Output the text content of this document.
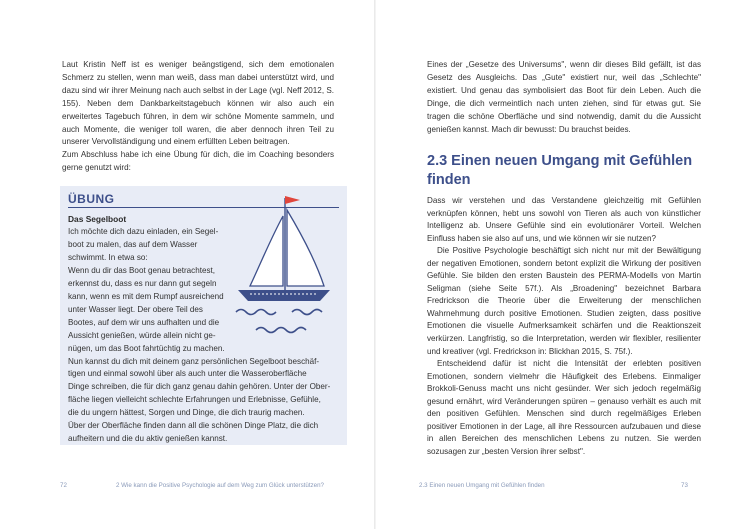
Laut Kristin Neff ist es weniger beängstigend, sich dem emotionalen Schmerz zu stellen, wenn man weiß, dass man dabei unterstützt wird, und dazu sind wir ihrer Meinung nach auch selbst in der Lage (vgl. Neff 2012, S. 155). Neben dem Dankbarkeitstagebuch können wir also auch ein erweitertes Tagebuch führen, in dem wir schöne Momente sammeln, und auch Momente, die weniger toll waren, die aber dennoch ihren Teil zu unserer Vervollständigung und einem erfüllten Leben beitragen.

Zum Abschluss habe ich eine Übung für dich, die im Coaching besonders gerne genutzt wird:

ÜBUNG
Das Segelboot
Ich möchte dich dazu einladen, ein Segel-
boot zu malen, das auf dem Wasser
schwimmt. In etwa so:
Wenn du dir das Boot genau betrachtest,
erkennst du, dass es nur dann gut segeln
kann, wenn es mit dem Rumpf ausreichend
unter Wasser liegt. Der obere Teil des
Bootes, auf dem wir uns aufhalten und die
Aussicht genießen, würde allein nicht ge-
nügen, um das Boot fahrtüchtig zu machen.
Nun kannst du dich mit deinem ganz persönlichen Segelboot beschäf-
tigen und einmal sowohl über als auch unter die Wasseroberfläche
Dinge schreiben, die für dich ganz genau dahin gehören. Unter der Ober-
fläche liegen vielleicht schlechte Erfahrungen und Erlebnisse, Gefühle,
die du ungern hättest, Sorgen und Dinge, die dich traurig machen.
Über der Oberfläche finden dann all die schönen Dinge Platz, die dich
aufheitern und die du aktiv genießen kannst.
72	2 Wie kann die Positive Psychologie auf dem Weg zum Glück unterstützen?

Eines der „Gesetze des Universums", wenn dir dieses Bild gefällt, ist das Gesetz des Ausgleichs. Das „Gute" existiert nur, weil das „Schlechte" existiert. Und genau das symbolisiert das Boot für dein Leben. Auch die Dinge, die dich vermeintlich nach unten ziehen, sind für etwas gut. Sie tragen die schöne Oberfläche und sind notwendig, damit du die Aussicht genießen kannst. Mach dir bewusst: Du brauchst beides.

2.3 Einen neuen Umgang mit Gefühlen finden

Dass wir verstehen und das Verstandene gleichzeitig mit Gefühlen verknüpfen können, hebt uns sowohl von Tieren als auch von künstlicher Intelligenz ab. Unsere Gefühle sind ein evolutionärer Vorteil. Welchen Einfluss haben sie also auf uns, und wie können wir sie nutzen?

Die Positive Psychologie beschäftigt sich nicht nur mit der Bewältigung der negativen Emotionen, sondern betont explizit die Wirkung der positiven Gefühle. Sie bilden den ersten Baustein des PERMA-Modells von Martin Seligman (siehe Seite 57f.). Als „Broadening" bezeichnet Barbara Fredrickson die Theorie über die Erweiterung der menschlichen Wahrnehmung durch positive Emotionen. Studien zeigten, dass positive Emotionen die visuelle Aufmerksamkeit schärfen und die Reaktionszeit verkürzen. Langfristig, so die Interpretation, werden wir flexibler, resilienter und kreativer (vgl. Fredrickson in: Blickhan 2015, S. 75f.).

Entscheidend dafür ist nicht die Intensität der erlebten positiven Emotionen, sondern vielmehr die Häufigkeit des Erlebens. Einmaliger Brokkoli-Genuss macht uns nicht gesünder. Wer sich jedoch regelmäßig gesund ernährt, wird Veränderungen spüren – genauso verhält es auch mit den positiven Gefühlen. Menschen sind durch regelmäßiges Erleben positiver Emotionen in der Lage, all ihre Ressourcen aufzubauen und diese in allen Bereichen des menschlichen Lebens zu nutzen. Sie werden sozusagen zur „besten Version ihrer selbst".

2.3 Einen neuen Umgang mit Gefühlen finden	73
